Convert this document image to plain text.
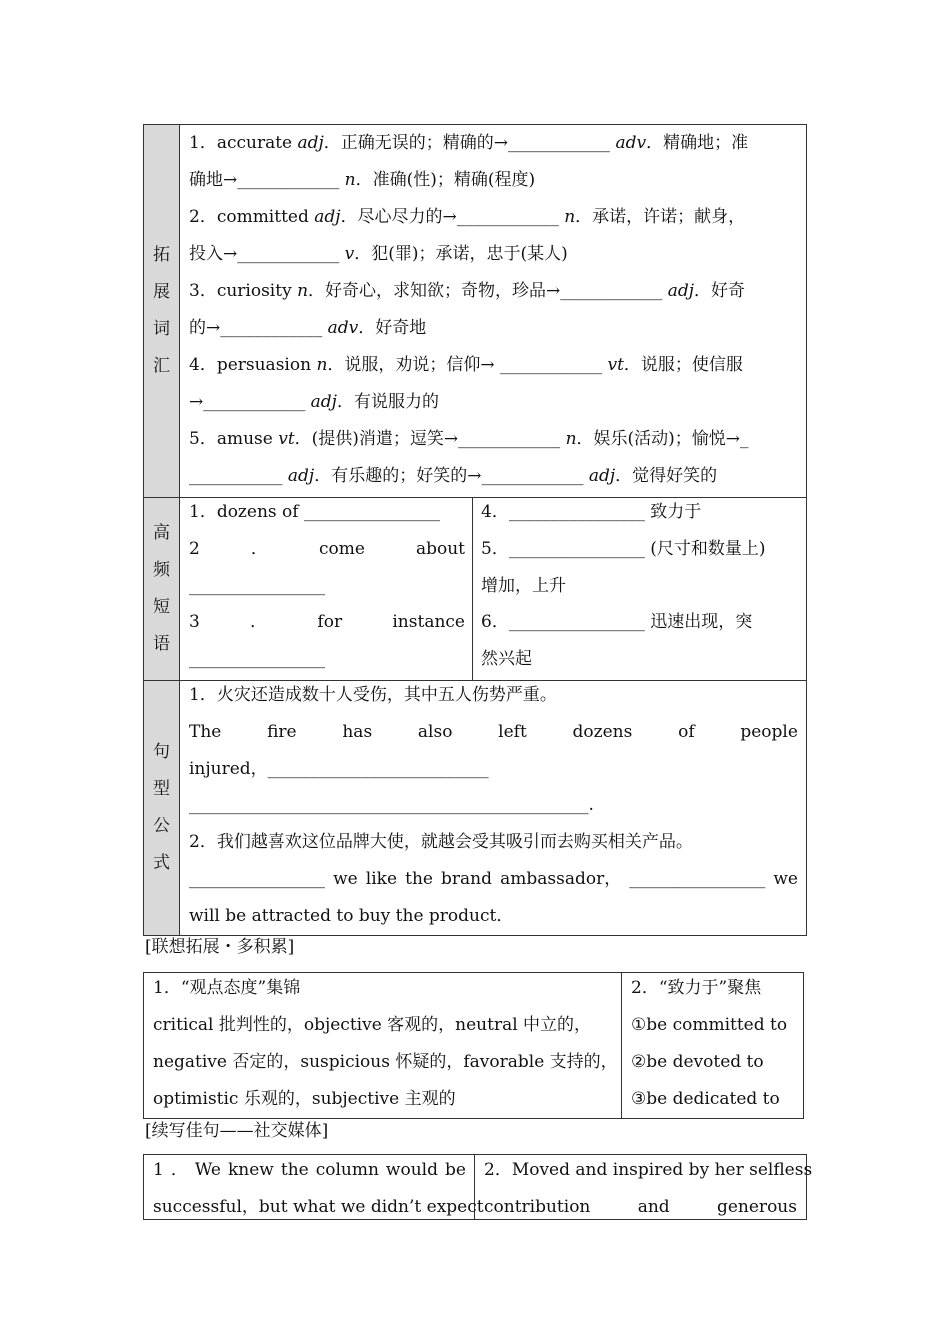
拓
展
词
汇
1．accurate adj．正确无误的；精确的→____________ adv．精确地；准
确地→____________ n．准确(性)；精确(程度)
2．committed adj．尽心尽力的→____________ n．承诺，许诺；献身，
投入→____________ v．犯(罪)；承诺，忠于(某人)
3．curiosity n．好奇心，求知欲；奇物，珍品→____________ adj．好奇
的→____________ adv．好奇地
4．persuasion n．说服，劝说；信仰→ ____________ vt．说服；使信服
→____________ adj．有说服力的
5．amuse vt．(提供)消遣；逗笑→____________ n．娱乐(活动)；愉悦→_
___________ adj．有乐趣的；好笑的→____________ adj．觉得好笑的
高
频
短
语
1．dozens of ________________
2	．	come	about
________________
3	．	for	instance
________________
4．________________ 致力于
5．________________ (尺寸和数量上)
增加，上升
6．________________ 迅速出现，突
然兴起
句
型
公
式
1．火灾还造成数十人受伤，其中五人伤势严重。
The	fire	has	also	left	dozens	of	people
injured，__________________________
_______________________________________________.
2．我们越喜欢这位品牌大使，就越会受其吸引而去购买相关产品。
________________ we like the brand ambassador， ________________ we
will be attracted to buy the product．
[联想拓展・多积累]
1．“观点态度”集锦
critical 批判性的，objective 客观的，neutral 中立的，
negative 否定的，suspicious 怀疑的，favorable 支持的，
optimistic 乐观的，subjective 主观的
2．“致力于”聚焦
①be committed to
②be devoted to
③be dedicated to
[续写佳句——社交媒体]
1 ． We knew the column would be
successful，but what we didn’t expect
2．Moved and inspired by her selfless
contribution	and	generous
